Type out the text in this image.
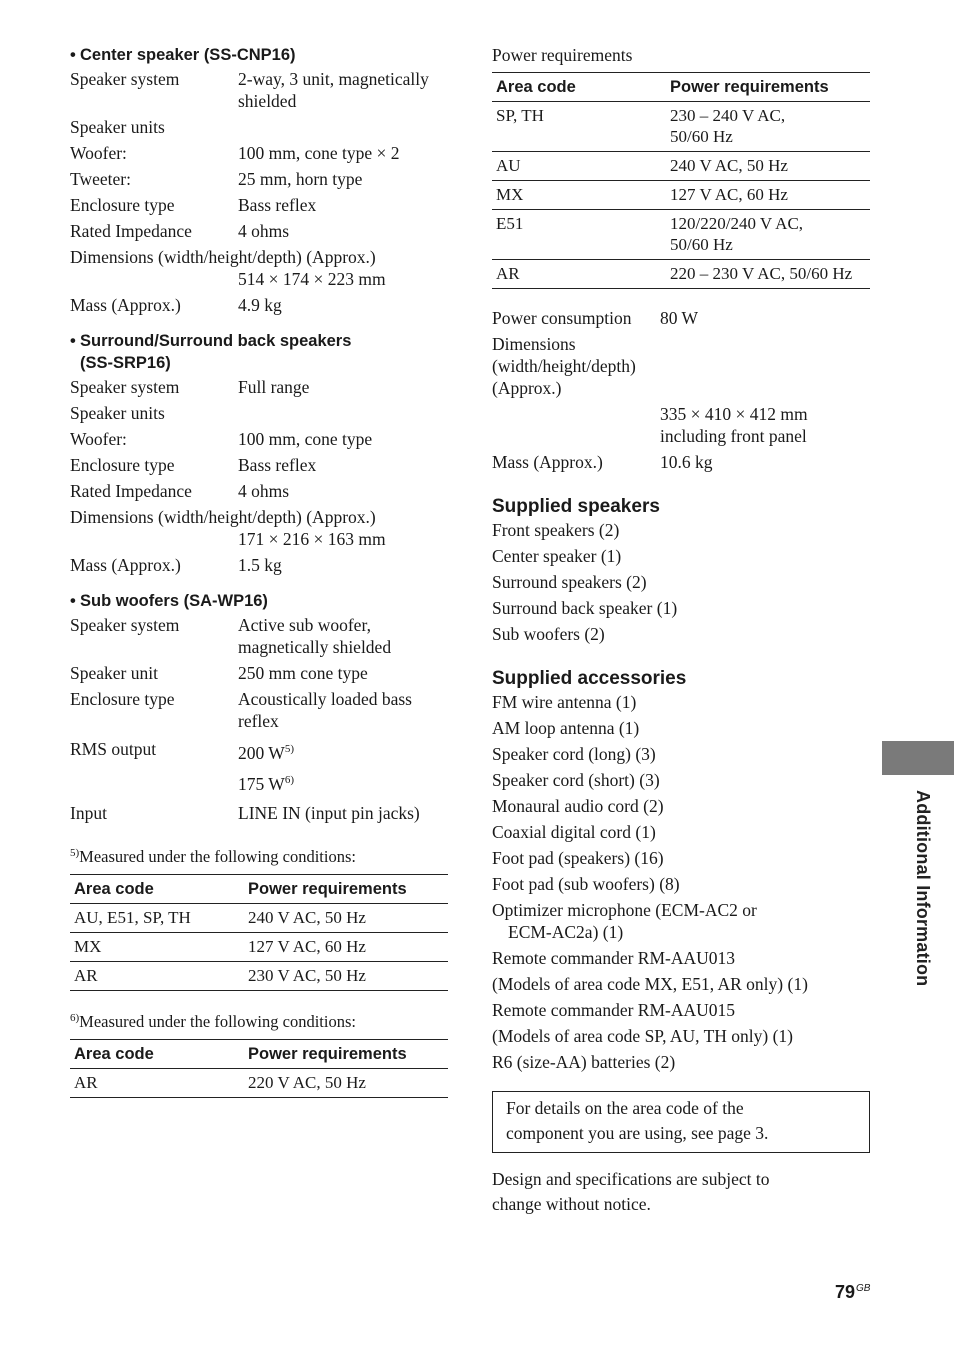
• Center speaker (SS-CNP16)
Speaker system	2-way, 3 unit, magnetically
shielded
Speaker units
Woofer:	100 mm, cone type × 2
Tweeter:	25 mm, horn type
Enclosure type	Bass reflex
Rated Impedance	4 ohms
Dimensions (width/height/depth) (Approx.)
514 × 174 × 223 mm
Mass (Approx.)	4.9 kg
• Surround/Surround back speakers
(SS-SRP16)
Speaker system	Full range
Speaker units
Woofer:	100 mm, cone type
Enclosure type	Bass reflex
Rated Impedance	4 ohms
Dimensions (width/height/depth) (Approx.)
171 × 216 × 163 mm
Mass (Approx.)	1.5 kg
• Sub woofers (SA-WP16)
Speaker system	Active sub woofer,
magnetically shielded
Speaker unit	250 mm cone type
Enclosure type	Acoustically loaded bass
reflex
RMS output	200 W$^{5)}$
175 W$^{6)}$
Input	LINE IN (input pin jacks)
$^{5)}$Measured under the following conditions:
Area code	Power requirements
AU, E51, SP, TH	240 V AC, 50 Hz
MX	127 V AC, 60 Hz
AR	230 V AC, 50 Hz
$^{6)}$Measured under the following conditions:
Area code	Power requirements
AR	220 V AC, 50 Hz
Power requirements
Area code	Power requirements
SP, TH	230 – 240 V AC,
50/60 Hz
AU	240 V AC, 50 Hz
MX	127 V AC, 60 Hz
E51	120/220/240 V AC,
50/60 Hz
AR	220 – 230 V AC, 50/60 Hz
Power consumption	80 W
Dimensions (width/height/depth) (Approx.)
335 × 410 × 412 mm
including front panel
Mass (Approx.)	10.6 kg
Supplied speakers
Front speakers (2)
Center speaker (1)
Surround speakers (2)
Surround back speaker (1)
Sub woofers (2)
Supplied accessories
FM wire antenna (1)
AM loop antenna (1)
Speaker cord (long) (3)
Speaker cord (short) (3)
Monaural audio cord (2)
Coaxial digital cord (1)
Foot pad (speakers) (16)
Foot pad (sub woofers) (8)
Optimizer microphone (ECM-AC2 or
ECM-AC2a) (1)
Remote commander RM-AAU013
(Models of area code MX, E51, AR only) (1)
Remote commander RM-AAU015
(Models of area code SP, AU, TH only) (1)
R6 (size-AA) batteries (2)
For details on the area code of the
component you are using, see page 3.
Design and specifications are subject to
change without notice.
Additional Information
$79^{GB}$
